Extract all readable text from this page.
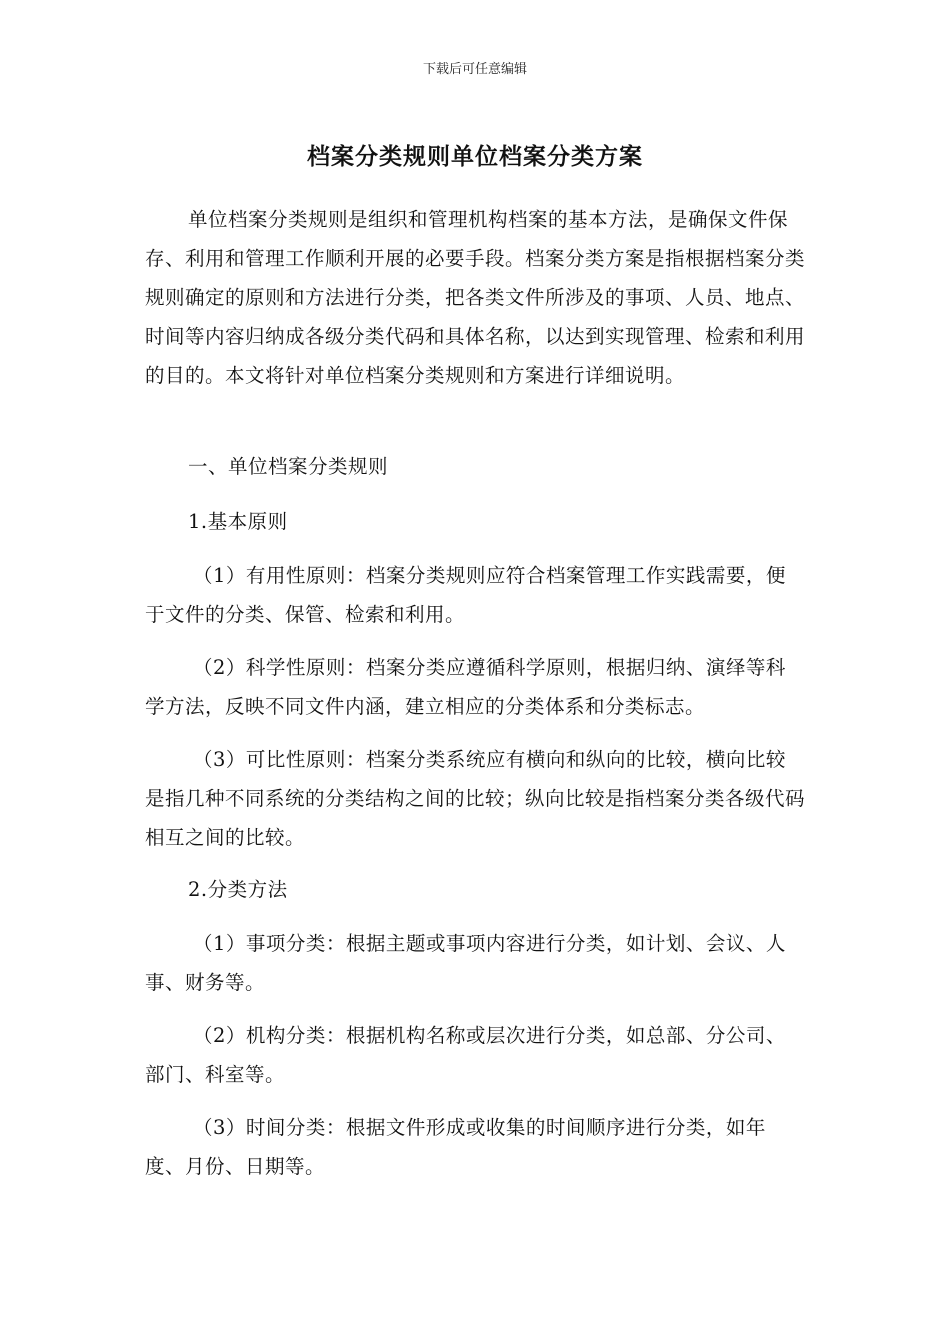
下载后可任意编辑
档案分类规则单位档案分类方案

单位档案分类规则是组织和管理机构档案的基本方法，是确保文件保存、利用和管理工作顺利开展的必要手段。档案分类方案是指根据档案分类规则确定的原则和方法进行分类，把各类文件所涉及的事项、人员、地点、时间等内容归纳成各级分类代码和具体名称，以达到实现管理、检索和利用的目的。本文将针对单位档案分类规则和方案进行详细说明。

一、单位档案分类规则

1.基本原则

（1）有用性原则：档案分类规则应符合档案管理工作实践需要，便于文件的分类、保管、检索和利用。

（2）科学性原则：档案分类应遵循科学原则，根据归纳、演绎等科学方法，反映不同文件内涵，建立相应的分类体系和分类标志。

（3）可比性原则：档案分类系统应有横向和纵向的比较，横向比较是指几种不同系统的分类结构之间的比较；纵向比较是指档案分类各级代码相互之间的比较。

2.分类方法

（1）事项分类：根据主题或事项内容进行分类，如计划、会议、人事、财务等。

（2）机构分类：根据机构名称或层次进行分类，如总部、分公司、部门、科室等。

（3）时间分类：根据文件形成或收集的时间顺序进行分类，如年度、月份、日期等。
